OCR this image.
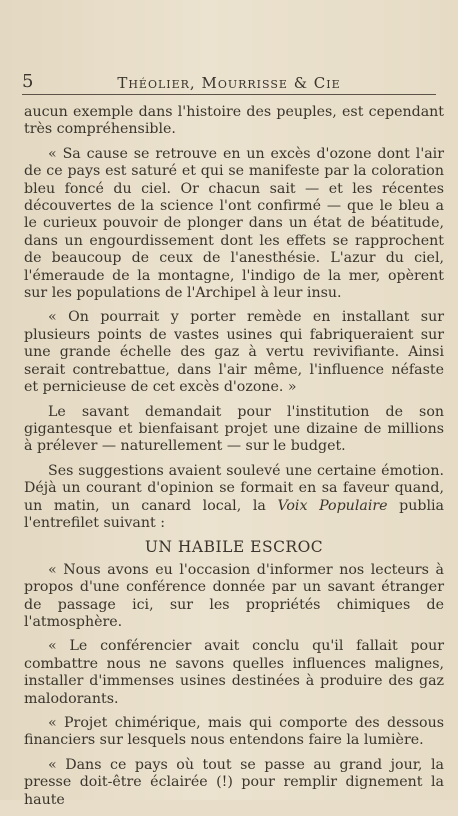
5	Théolier, Mourrisse & Cie

aucun exemple dans l'histoire des peuples, est cependant très compréhensible.

« Sa cause se retrouve en un excès d'ozone dont l'air de ce pays est saturé et qui se manifeste par la coloration bleu foncé du ciel. Or chacun sait — et les récentes découvertes de la science l'ont confirmé — que le bleu a le curieux pouvoir de plonger dans un état de béatitude, dans un engourdissement dont les effets se rapprochent de beaucoup de ceux de l'anesthésie. L'azur du ciel, l'émeraude de la montagne, l'indigo de la mer, opèrent sur les populations de l'Archipel à leur insu.

« On pourrait y porter remède en installant sur plusieurs points de vastes usines qui fabriqueraient sur une grande échelle des gaz à vertu revivifiante. Ainsi serait contrebattue, dans l'air même, l'influence néfaste et pernicieuse de cet excès d'ozone. »

Le savant demandait pour l'institution de son gigantesque et bienfaisant projet une dizaine de millions à prélever — naturellement — sur le budget.

Ses suggestions avaient soulevé une certaine émotion. Déjà un courant d'opinion se formait en sa faveur quand, un matin, un canard local, la Voix Populaire publia l'entrefilet suivant :

UN HABILE ESCROC

« Nous avons eu l'occasion d'informer nos lecteurs à propos d'une conférence donnée par un savant étranger de passage ici, sur les propriétés chimiques de l'atmosphère.

« Le conférencier avait conclu qu'il fallait pour combattre nous ne savons quelles influences malignes, installer d'immenses usines destinées à produire des gaz malodorants.

« Projet chimérique, mais qui comporte des dessous financiers sur lesquels nous entendons faire la lumière.

« Dans ce pays où tout se passe au grand jour, la presse doit-être éclairée (!) pour remplir dignement la haute
